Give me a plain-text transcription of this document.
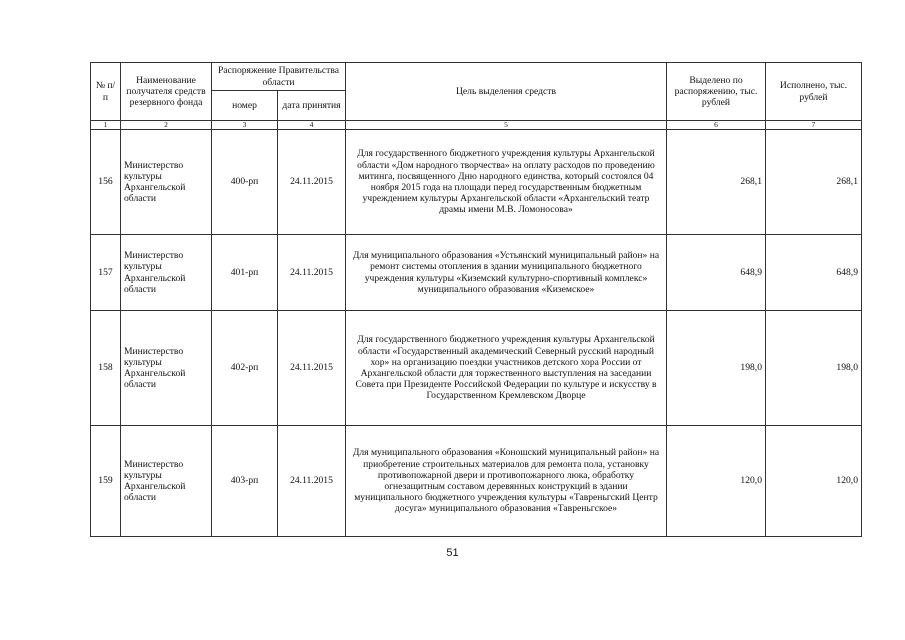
№ п/п	Наименование получателя средств резервного фонда	Распоряжение Правительства области		Цель выделения средств	Выделено по распоряжению, тыс. рублей	Исполнено, тыс. рублей
		номер	дата принятия			
1	2	3	4	5	6	7
156	Министерство культуры Архангельской области	400-рп	24.11.2015	Для государственного бюджетного учреждения культуры Архангельской области «Дом народного творчества» на оплату расходов по проведению митинга, посвященного Дню народного единства, который состоялся 04 ноября 2015 года на площади перед государственным бюджетным учреждением культуры Архангельской области «Архангельский театр драмы имени М.В. Ломоносова»	268,1	268,1
157	Министерство культуры Архангельской области	401-рп	24.11.2015	Для муниципального образования «Устьянский муниципальный район» на ремонт системы отопления в здании муниципального бюджетного учреждения культуры «Киземский культурно-спортивный комплекс» муниципального образования «Киземское»	648,9	648,9
158	Министерство культуры Архангельской области	402-рп	24.11.2015	Для государственного бюджетного учреждения культуры Архангельской области «Государственный академический Северный русский народный хор» на организацию поездки участников детского хора России от Архангельской области для торжественного выступления на заседании Совета при Президенте Российской Федерации по культуре и искусству в Государственном Кремлевском Дворце	198,0	198,0
159	Министерство культуры Архангельской области	403-рп	24.11.2015	Для муниципального образования «Коношский муниципальный район» на приобретение строительных материалов для ремонта пола, установку противопожарной двери и противопожарного люка, обработку огнезащитным составом деревянных конструкций в здании муниципального бюджетного учреждения культуры «Тавреньгский Центр досуга» муниципального образования «Тавреньгское»	120,0	120,0
51
